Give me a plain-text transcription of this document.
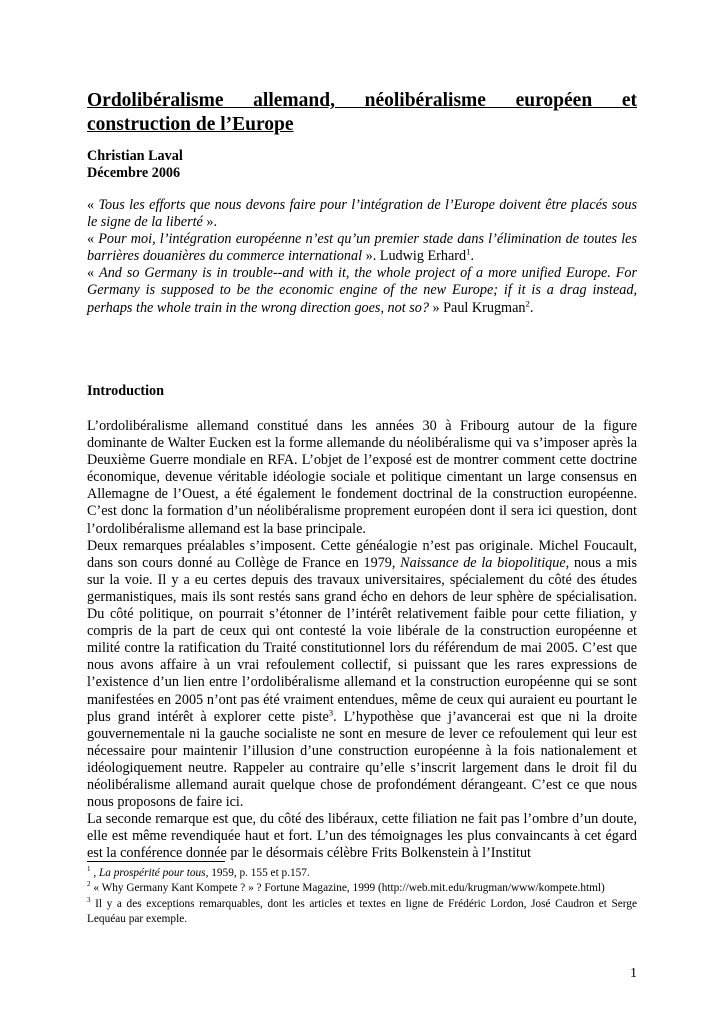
Ordolibéralisme allemand, néolibéralisme européen et construction de l’Europe
Christian Laval
Décembre 2006

« Tous les efforts que nous devons faire pour l’intégration de l’Europe doivent être placés sous le signe de la liberté ».

« Pour moi, l’intégration européenne n’est qu’un premier stade dans l’élimination de toutes les barrières douanières du commerce international ». Ludwig Erhard$^1$.

« And so Germany is in trouble--and with it, the whole project of a more unified Europe. For Germany is supposed to be the economic engine of the new Europe; if it is a drag instead, perhaps the whole train in the wrong direction goes, not so? » Paul Krugman$^2$.

Introduction

L’ordolibéralisme allemand constitué dans les années 30 à Fribourg autour de la figure dominante de Walter Eucken est la forme allemande du néolibéralisme qui va s’imposer après la Deuxième Guerre mondiale en RFA. L’objet de l’exposé est de montrer comment cette doctrine économique, devenue véritable idéologie sociale et politique cimentant un large consensus en Allemagne de l’Ouest, a été également le fondement doctrinal de la construction européenne. C’est donc la formation d’un néolibéralisme proprement européen dont il sera ici question, dont l’ordolibéralisme allemand est la base principale.

Deux remarques préalables s’imposent. Cette généalogie n’est pas originale. Michel Foucault, dans son cours donné au Collège de France en 1979, Naissance de la biopolitique, nous a mis sur la voie. Il y a eu certes depuis des travaux universitaires, spécialement du côté des études germanistiques, mais ils sont restés sans grand écho en dehors de leur sphère de spécialisation. Du côté politique, on pourrait s’étonner de l’intérêt relativement faible pour cette filiation, y compris de la part de ceux qui ont contesté la voie libérale de la construction européenne et milité contre la ratification du Traité constitutionnel lors du référendum de mai 2005. C’est que nous avons affaire à un vrai refoulement collectif, si puissant que les rares expressions de l’existence d’un lien entre l’ordolibéralisme allemand et la construction européenne qui se sont manifestées en 2005 n’ont pas été vraiment entendues, même de ceux qui auraient eu pourtant le plus grand intérêt à explorer cette piste$^3$. L’hypothèse que j’avancerai est que ni la droite gouvernementale ni la gauche socialiste ne sont en mesure de lever ce refoulement qui leur est nécessaire pour maintenir l’illusion d’une construction européenne à la fois nationalement et idéologiquement neutre. Rappeler au contraire qu’elle s’inscrit largement dans le droit fil du néolibéralisme allemand aurait quelque chose de profondément dérangeant. C’est ce que nous nous proposons de faire ici.

La seconde remarque est que, du côté des libéraux, cette filiation ne fait pas l’ombre d’un doute, elle est même revendiquée haut et fort. L’un des témoignages les plus convaincants à cet égard est la conférence donnée par le désormais célèbre Frits Bolkenstein à l’Institut

$^1$ , La prospérité pour tous, 1959, p. 155 et p.157.

$^2$ « Why Germany Kant Kompete ? » ? Fortune Magazine, 1999 (http://web.mit.edu/krugman/www/kompete.html)

$^3$ Il y a des exceptions remarquables, dont les articles et textes en ligne de Frédéric Lordon, José Caudron et Serge Lequéau par exemple.

1
